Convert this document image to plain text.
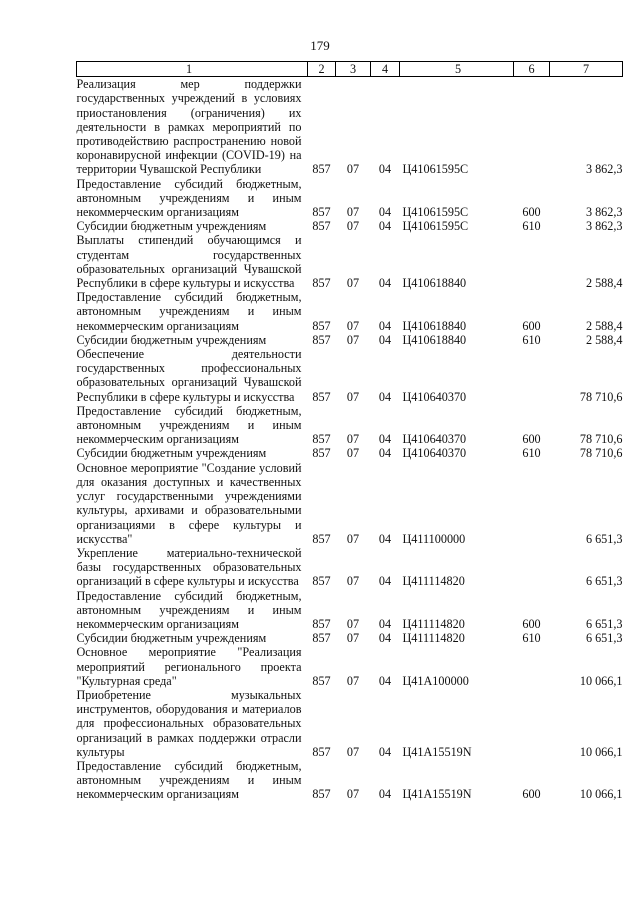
179
1	2	3	4	5	6	7
Реализация мер поддержки государственных учреждений в условиях приостановления (ограничения) их деятельности в рамках мероприятий по противодействию распространению новой коронавирусной инфекции (COVID-19) на территории Чувашской Республики	857	07	04	Ц41061595С		3 862,3
Предоставление субсидий бюджетным, автономным учреждениям и иным некоммерческим организациям	857	07	04	Ц41061595С	600	3 862,3
Субсидии бюджетным учреждениям	857	07	04	Ц41061595С	610	3 862,3
Выплаты стипендий обучающимся и студентам государственных образовательных организаций Чувашской Республики в сфере культуры и искусства	857	07	04	Ц410618840		2 588,4
Предоставление субсидий бюджетным, автономным учреждениям и иным некоммерческим организациям	857	07	04	Ц410618840	600	2 588,4
Субсидии бюджетным учреждениям	857	07	04	Ц410618840	610	2 588,4
Обеспечение деятельности государственных профессиональных образовательных организаций Чувашской Республики в сфере культуры и искусства	857	07	04	Ц410640370		78 710,6
Предоставление субсидий бюджетным, автономным учреждениям и иным некоммерческим организациям	857	07	04	Ц410640370	600	78 710,6
Субсидии бюджетным учреждениям	857	07	04	Ц410640370	610	78 710,6
Основное мероприятие "Создание условий для оказания доступных и качественных услуг государственными учреждениями культуры, архивами и образовательными организациями в сфере культуры и искусства"	857	07	04	Ц411100000		6 651,3
Укрепление материально-технической базы государственных образовательных организаций в сфере культуры и искусства	857	07	04	Ц411114820		6 651,3
Предоставление субсидий бюджетным, автономным учреждениям и иным некоммерческим организациям	857	07	04	Ц411114820	600	6 651,3
Субсидии бюджетным учреждениям	857	07	04	Ц411114820	610	6 651,3
Основное мероприятие "Реализация мероприятий регионального проекта "Культурная среда"	857	07	04	Ц41А100000		10 066,1
Приобретение музыкальных инструментов, оборудования и материалов для профессиональных образовательных организаций в рамках поддержки отрасли культуры	857	07	04	Ц41А15519N		10 066,1
Предоставление субсидий бюджетным, автономным учреждениям и иным некоммерческим организациям	857	07	04	Ц41А15519N	600	10 066,1
